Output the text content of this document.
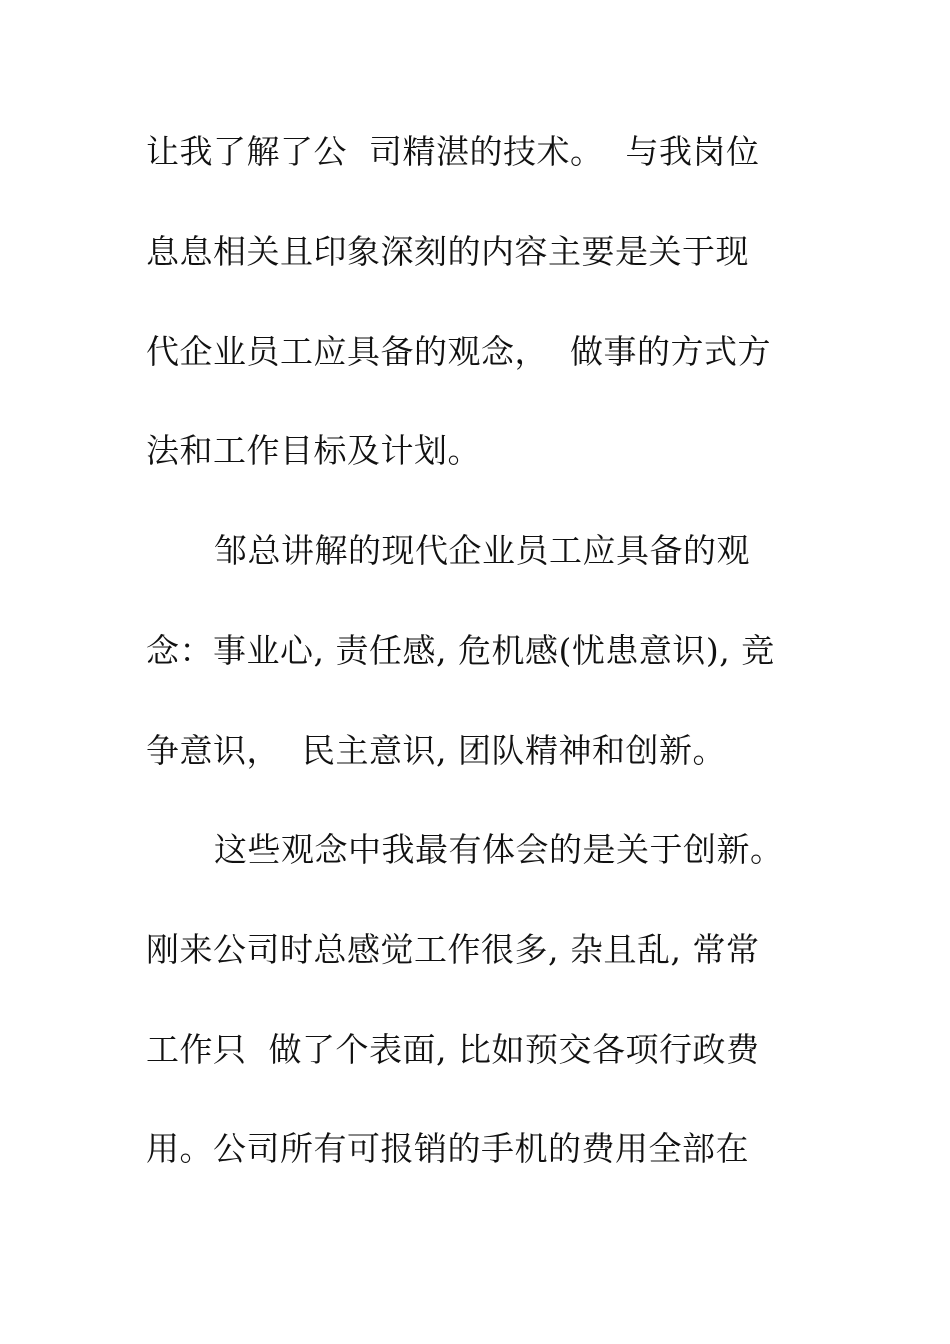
让我了解了公  司精湛的技术。  与我岗位
息息相关且印象深刻的内容主要是关于现
代企业员工应具备的观念，  做事的方式方
法和工作目标及计划。
邹总讲解的现代企业员工应具备的观
念：事业心, 责任感, 危机感(忧患意识), 竞
争意识，  民主意识, 团队精神和创新。
这些观念中我最有体会的是关于创新。
刚来公司时总感觉工作很多, 杂且乱, 常常
工作只  做了个表面, 比如预交各项行政费
用。公司所有可报销的手机的费用全部在
